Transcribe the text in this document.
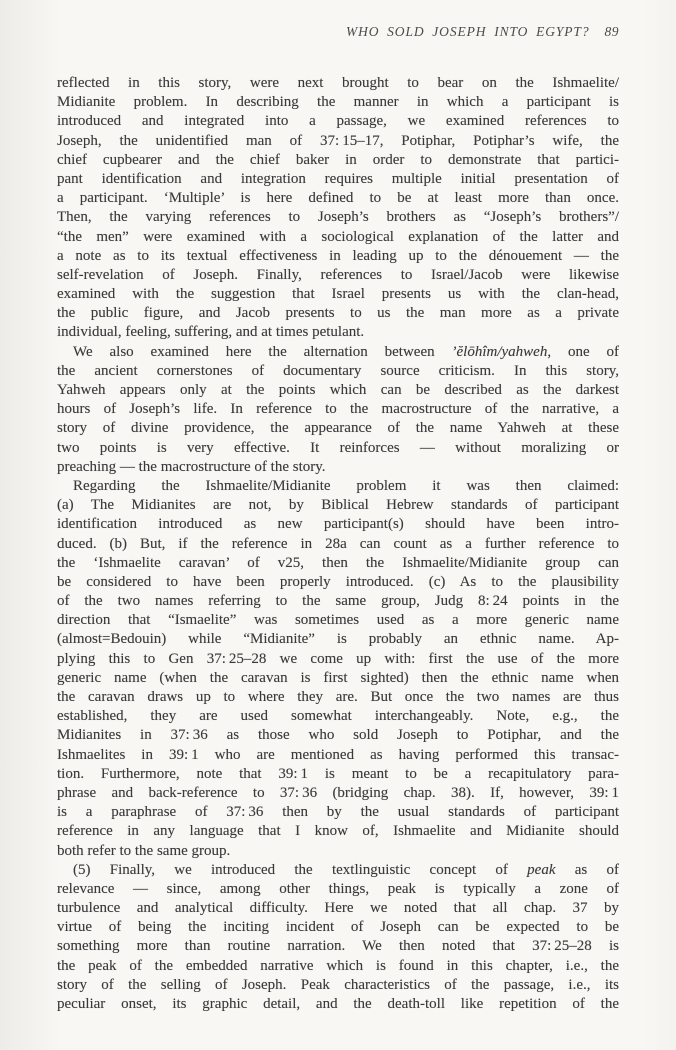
WHO SOLD JOSEPH INTO EGYPT? 89
reflected in this story, were next brought to bear on the Ishmaelite/
Midianite problem. In describing the manner in which a participant is
introduced and integrated into a passage, we examined references to
Joseph, the unidentified man of 37: 15–17, Potiphar, Potiphar’s wife, the
chief cupbearer and the chief baker in order to demonstrate that partici-
pant identification and integration requires multiple initial presentation of
a participant. ‘Multiple’ is here defined to be at least more than once.
Then, the varying references to Joseph’s brothers as “Joseph’s brothers”/
“the men” were examined with a sociological explanation of the latter and
a note as to its textual effectiveness in leading up to the dénouement — the
self-revelation of Joseph. Finally, references to Israel/Jacob were likewise
examined with the suggestion that Israel presents us with the clan-head,
the public figure, and Jacob presents to us the man more as a private
individual, feeling, suffering, and at times petulant.
We also examined here the alternation between ’ĕlōhîm/yahweh, one of
the ancient cornerstones of documentary source criticism. In this story,
Yahweh appears only at the points which can be described as the darkest
hours of Joseph’s life. In reference to the macrostructure of the narrative, a
story of divine providence, the appearance of the name Yahweh at these
two points is very effective. It reinforces — without moralizing or
preaching — the macrostructure of the story.
Regarding the Ishmaelite/Midianite problem it was then claimed:
(a) The Midianites are not, by Biblical Hebrew standards of participant
identification introduced as new participant(s) should have been intro-
duced. (b) But, if the reference in 28a can count as a further reference to
the ‘Ishmaelite caravan’ of v25, then the Ishmaelite/Midianite group can
be considered to have been properly introduced. (c) As to the plausibility
of the two names referring to the same group, Judg 8: 24 points in the
direction that “Ismaelite” was sometimes used as a more generic name
(almost=Bedouin) while “Midianite” is probably an ethnic name. Ap-
plying this to Gen 37: 25–28 we come up with: first the use of the more
generic name (when the caravan is first sighted) then the ethnic name when
the caravan draws up to where they are. But once the two names are thus
established, they are used somewhat interchangeably. Note, e.g., the
Midianites in 37: 36 as those who sold Joseph to Potiphar, and the
Ishmaelites in 39: 1 who are mentioned as having performed this transac-
tion. Furthermore, note that 39: 1 is meant to be a recapitulatory para-
phrase and back-reference to 37: 36 (bridging chap. 38). If, however, 39: 1
is a paraphrase of 37: 36 then by the usual standards of participant
reference in any language that I know of, Ishmaelite and Midianite should
both refer to the same group.
(5) Finally, we introduced the textlinguistic concept of peak as of
relevance — since, among other things, peak is typically a zone of
turbulence and analytical difficulty. Here we noted that all chap. 37 by
virtue of being the inciting incident of Joseph can be expected to be
something more than routine narration. We then noted that 37: 25–28 is
the peak of the embedded narrative which is found in this chapter, i.e., the
story of the selling of Joseph. Peak characteristics of the passage, i.e., its
peculiar onset, its graphic detail, and the death-toll like repetition of the
